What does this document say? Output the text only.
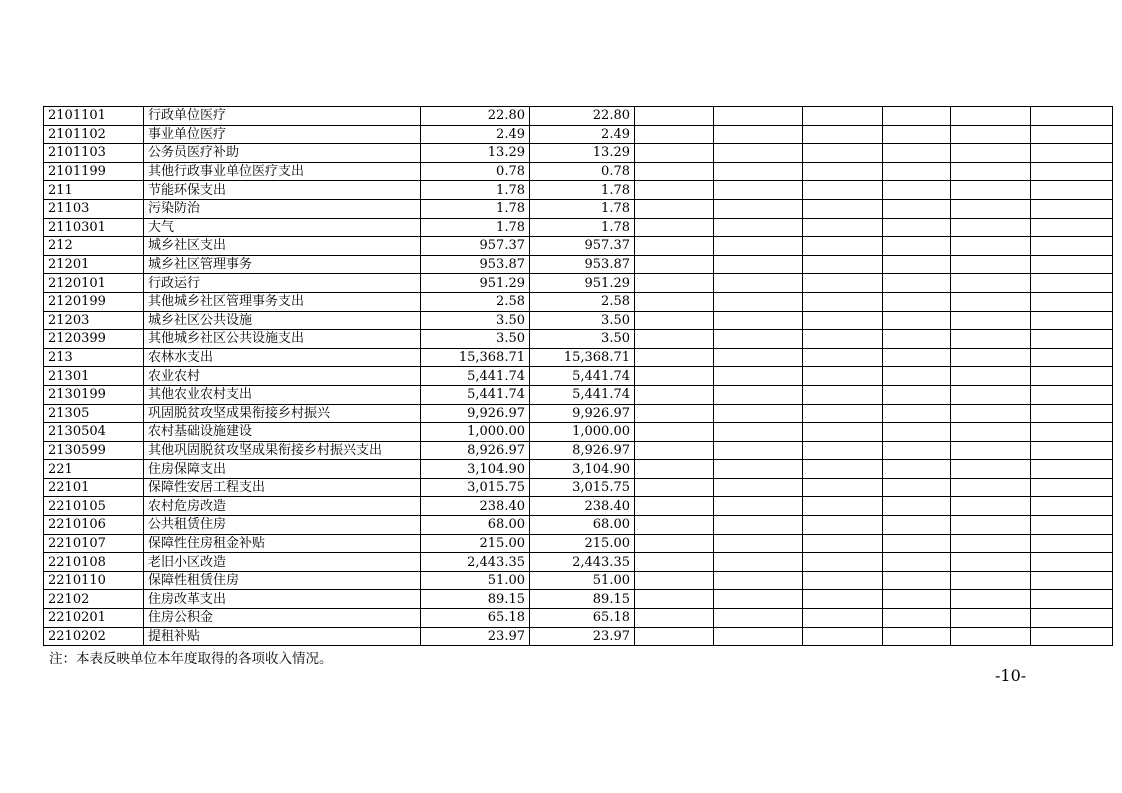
2101101	行政单位医疗	22.80	22.80						
2101102	事业单位医疗	2.49	2.49						
2101103	公务员医疗补助	13.29	13.29						
2101199	其他行政事业单位医疗支出	0.78	0.78						
211	节能环保支出	1.78	1.78						
21103	污染防治	1.78	1.78						
2110301	大气	1.78	1.78						
212	城乡社区支出	957.37	957.37						
21201	城乡社区管理事务	953.87	953.87						
2120101	行政运行	951.29	951.29						
2120199	其他城乡社区管理事务支出	2.58	2.58						
21203	城乡社区公共设施	3.50	3.50						
2120399	其他城乡社区公共设施支出	3.50	3.50						
213	农林水支出	15,368.71	15,368.71						
21301	农业农村	5,441.74	5,441.74						
2130199	其他农业农村支出	5,441.74	5,441.74						
21305	巩固脱贫攻坚成果衔接乡村振兴	9,926.97	9,926.97						
2130504	农村基础设施建设	1,000.00	1,000.00						
2130599	其他巩固脱贫攻坚成果衔接乡村振兴支出	8,926.97	8,926.97						
221	住房保障支出	3,104.90	3,104.90						
22101	保障性安居工程支出	3,015.75	3,015.75						
2210105	农村危房改造	238.40	238.40						
2210106	公共租赁住房	68.00	68.00						
2210107	保障性住房租金补贴	215.00	215.00						
2210108	老旧小区改造	2,443.35	2,443.35						
2210110	保障性租赁住房	51.00	51.00						
22102	住房改革支出	89.15	89.15						
2210201	住房公积金	65.18	65.18						
2210202	提租补贴	23.97	23.97						
注：本表反映单位本年度取得的各项收入情况。
-10-
